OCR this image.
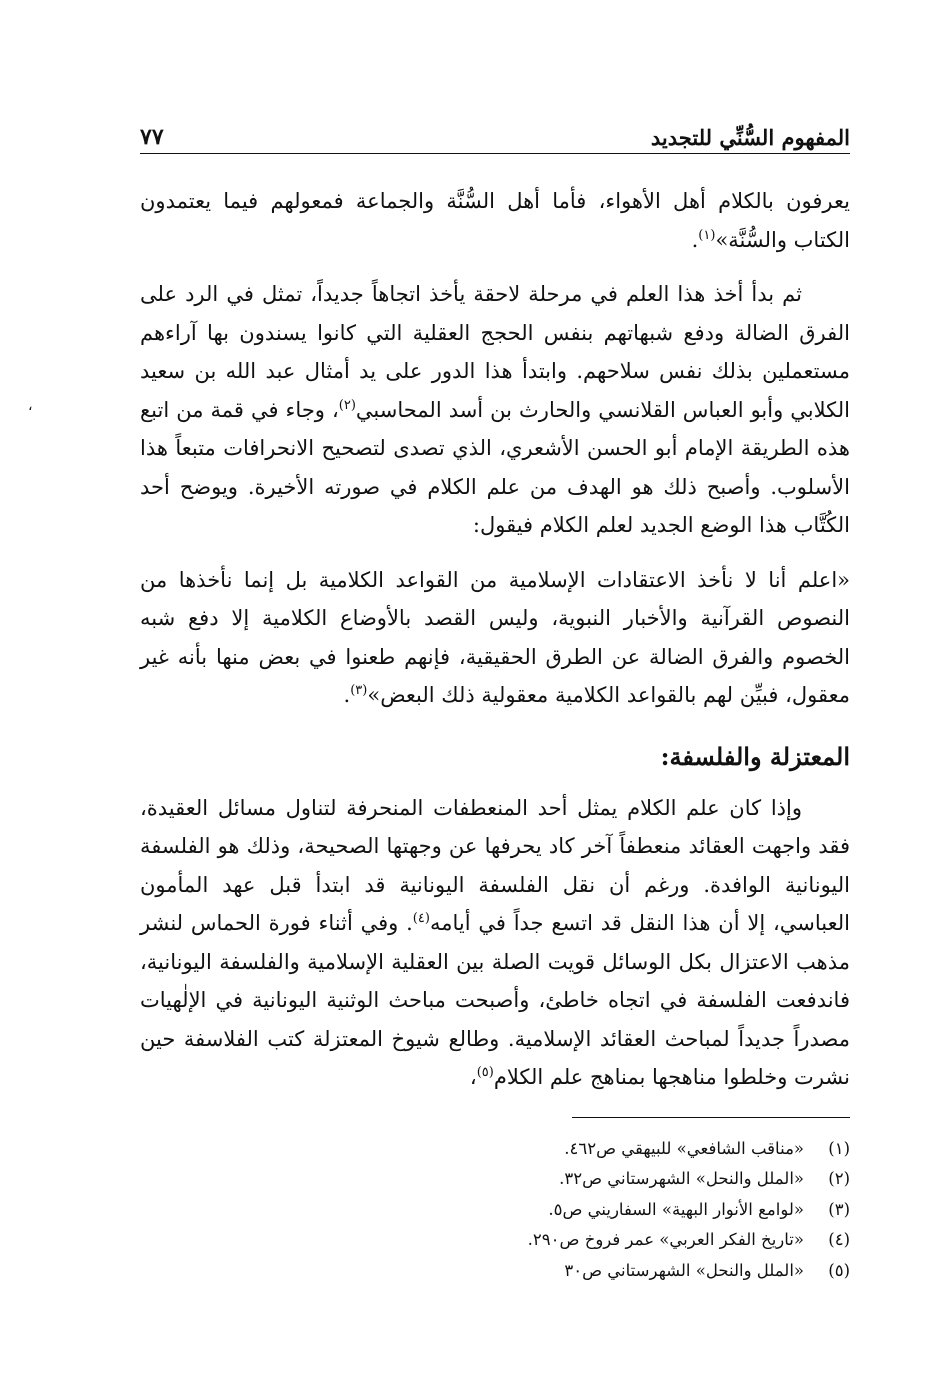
،
المفهوم السُّنِّي للتجديد
٧٧

يعرفون بالكلام أهل الأهواء، فأما أهل السُّنَّة والجماعة فمعولهم فيما يعتمدون الكتاب والسُّنَّة»$^{(١)}$.

ثم بدأ أخذ هذا العلم في مرحلة لاحقة يأخذ اتجاهاً جديداً، تمثل في الرد على الفرق الضالة ودفع شبهاتهم بنفس الحجج العقلية التي كانوا يسندون بها آراءهم مستعملين بذلك نفس سلاحهم. وابتدأ هذا الدور على يد أمثال عبد الله بن سعيد الكلابي وأبو العباس القلانسي والحارث بن أسد المحاسبي$^{(٢)}$، وجاء في قمة من اتبع هذه الطريقة الإمام أبو الحسن الأشعري، الذي تصدى لتصحيح الانحرافات متبعاً هذا الأسلوب. وأصبح ذلك هو الهدف من علم الكلام في صورته الأخيرة. ويوضح أحد الكُتَّاب هذا الوضع الجديد لعلم الكلام فيقول:

«اعلم أنا لا نأخذ الاعتقادات الإسلامية من القواعد الكلامية بل إنما نأخذها من النصوص القرآنية والأخبار النبوية، وليس القصد بالأوضاع الكلامية إلا دفع شبه الخصوم والفرق الضالة عن الطرق الحقيقية، فإنهم طعنوا في بعض منها بأنه غير معقول، فبيِّن لهم بالقواعد الكلامية معقولية ذلك البعض»$^{(٣)}$.

المعتزلة والفلسفة:

وإذا كان علم الكلام يمثل أحد المنعطفات المنحرفة لتناول مسائل العقيدة، فقد واجهت العقائد منعطفاً آخر كاد يحرفها عن وجهتها الصحيحة، وذلك هو الفلسفة اليونانية الوافدة. ورغم أن نقل الفلسفة اليونانية قد ابتدأ قبل عهد المأمون العباسي، إلا أن هذا النقل قد اتسع جداً في أيامه$^{(٤)}$. وفي أثناء فورة الحماس لنشر مذهب الاعتزال بكل الوسائل قويت الصلة بين العقلية الإسلامية والفلسفة اليونانية، فاندفعت الفلسفة في اتجاه خاطئ، وأصبحت مباحث الوثنية اليونانية في الإلٰهيات مصدراً جديداً لمباحث العقائد الإسلامية. وطالع شيوخ المعتزلة كتب الفلاسفة حين نشرت وخلطوا مناهجها بمناهج علم الكلام$^{(٥)}$،

(١)
«مناقب الشافعي» للبيهقي ص٤٦٢.
(٢)
«الملل والنحل» الشهرستاني ص٣٢.
(٣)
«لوامع الأنوار البهية» السفاريني ص٥.
(٤)
«تاريخ الفكر العربي» عمر فروخ ص٢٩٠.
(٥)
«الملل والنحل» الشهرستاني ص٣٠
